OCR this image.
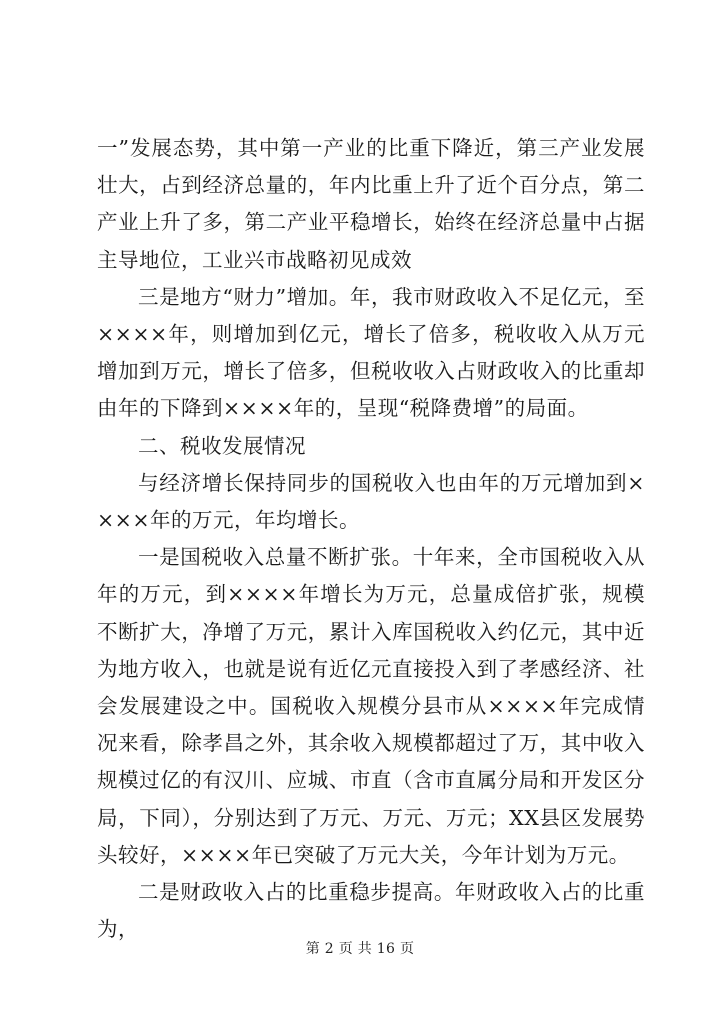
一”发展态势，其中第一产业的比重下降近，第三产业发展壮大，占到经济总量的，年内比重上升了近个百分点，第二产业上升了多，第二产业平稳增长，始终在经济总量中占据主导地位，工业兴市战略初见成效

三是地方“财力”增加。年，我市财政收入不足亿元，至××××年，则增加到亿元，增长了倍多，税收收入从万元增加到万元，增长了倍多，但税收收入占财政收入的比重却由年的下降到××××年的，呈现“税降费增”的局面。

二、税收发展情况

与经济增长保持同步的国税收入也由年的万元增加到××××年的万元，年均增长。

一是国税收入总量不断扩张。十年来，全市国税收入从年的万元，到××××年增长为万元，总量成倍扩张，规模不断扩大，净增了万元，累计入库国税收入约亿元，其中近为地方收入，也就是说有近亿元直接投入到了孝感经济、社会发展建设之中。国税收入规模分县市从××××年完成情况来看，除孝昌之外，其余收入规模都超过了万，其中收入规模过亿的有汉川、应城、市直（含市直属分局和开发区分局，下同），分别达到了万元、万元、万元；XX县区发展势头较好，××××年已突破了万元大关，今年计划为万元。

二是财政收入占的比重稳步提高。年财政收入占的比重为，

第 2 页 共 16 页
